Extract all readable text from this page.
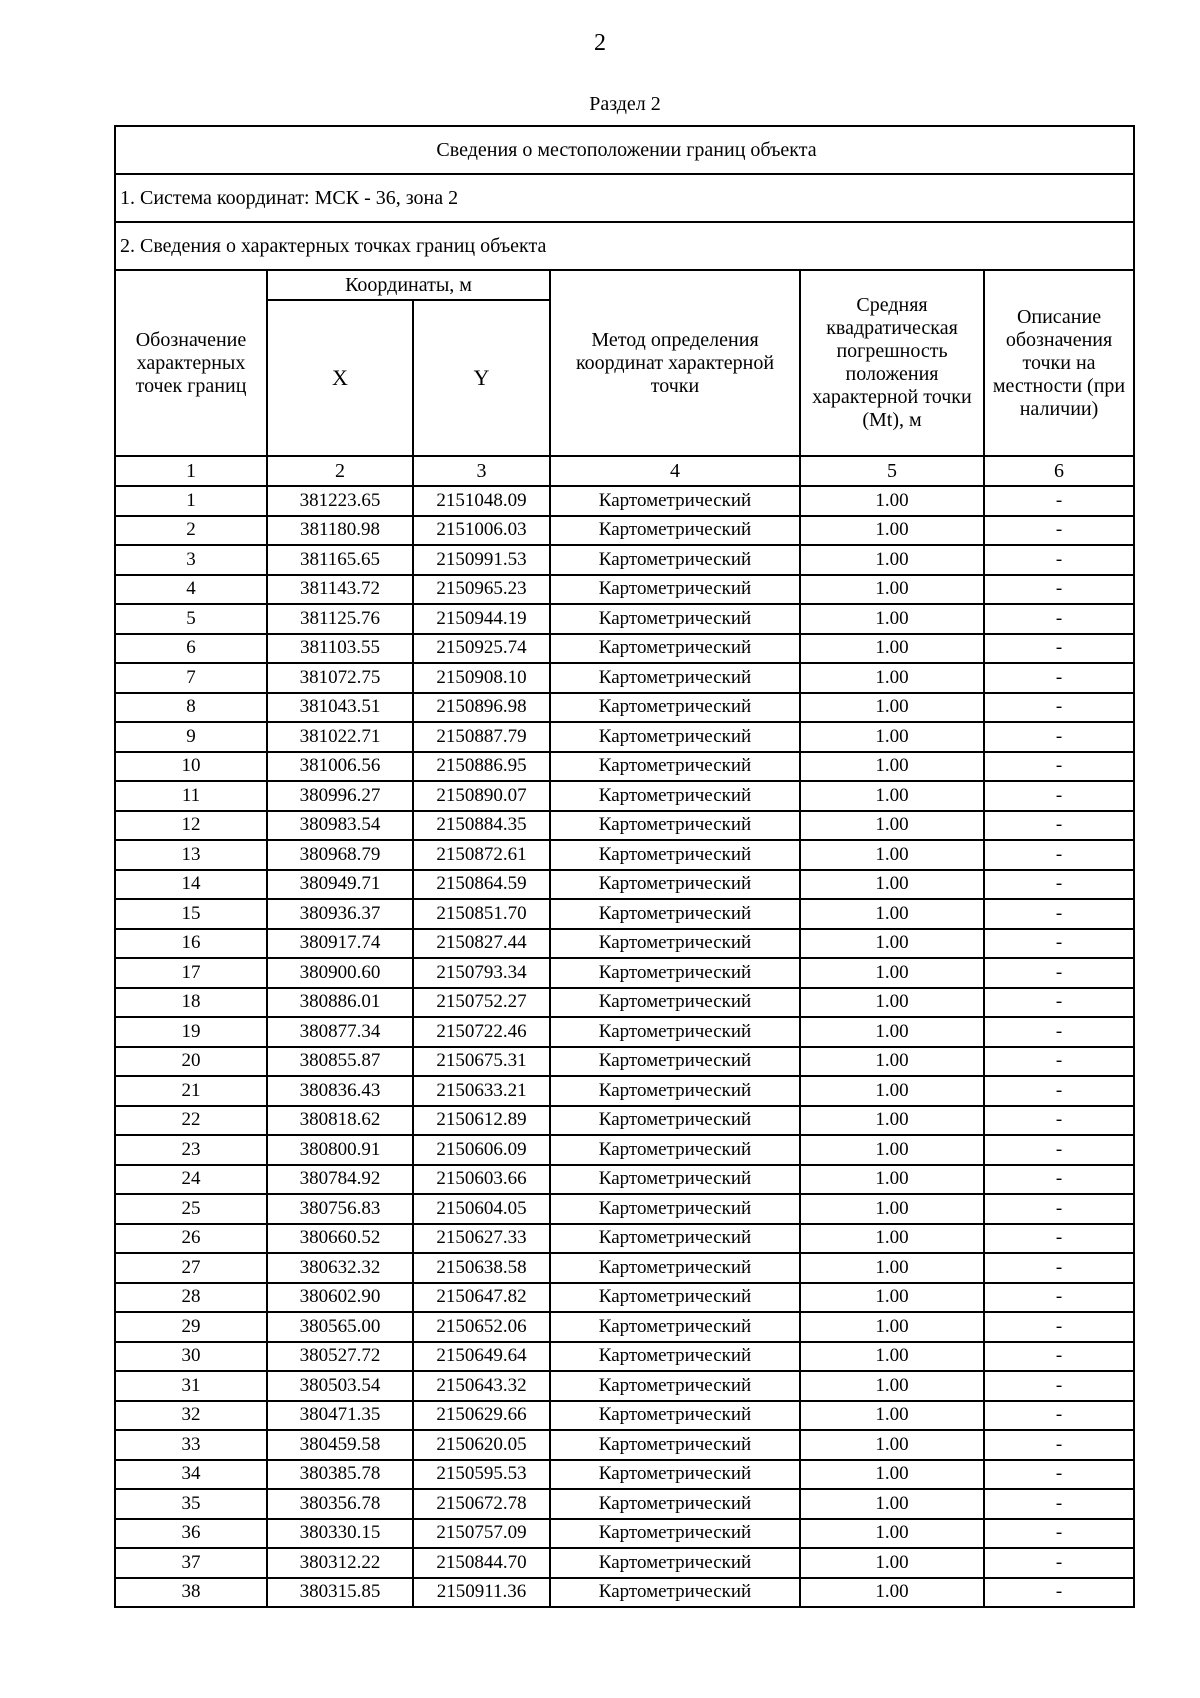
2
Раздел 2
Сведения о местоположении границ объекта					
1. Система координат: МСК - 36, зона 2					
2. Сведения о характерных точках границ объекта					
Обозначение характерных точек границ	Координаты, м		Метод определения координат характерной точки	Средняя квадратическая погрешность положения характерной точки (Mt), м	Описание обозначения точки на местности (при наличии)
	X	Y			
1	2	3	4	5	6
1	381223.65	2151048.09	Картометрический	1.00	-
2	381180.98	2151006.03	Картометрический	1.00	-
3	381165.65	2150991.53	Картометрический	1.00	-
4	381143.72	2150965.23	Картометрический	1.00	-
5	381125.76	2150944.19	Картометрический	1.00	-
6	381103.55	2150925.74	Картометрический	1.00	-
7	381072.75	2150908.10	Картометрический	1.00	-
8	381043.51	2150896.98	Картометрический	1.00	-
9	381022.71	2150887.79	Картометрический	1.00	-
10	381006.56	2150886.95	Картометрический	1.00	-
11	380996.27	2150890.07	Картометрический	1.00	-
12	380983.54	2150884.35	Картометрический	1.00	-
13	380968.79	2150872.61	Картометрический	1.00	-
14	380949.71	2150864.59	Картометрический	1.00	-
15	380936.37	2150851.70	Картометрический	1.00	-
16	380917.74	2150827.44	Картометрический	1.00	-
17	380900.60	2150793.34	Картометрический	1.00	-
18	380886.01	2150752.27	Картометрический	1.00	-
19	380877.34	2150722.46	Картометрический	1.00	-
20	380855.87	2150675.31	Картометрический	1.00	-
21	380836.43	2150633.21	Картометрический	1.00	-
22	380818.62	2150612.89	Картометрический	1.00	-
23	380800.91	2150606.09	Картометрический	1.00	-
24	380784.92	2150603.66	Картометрический	1.00	-
25	380756.83	2150604.05	Картометрический	1.00	-
26	380660.52	2150627.33	Картометрический	1.00	-
27	380632.32	2150638.58	Картометрический	1.00	-
28	380602.90	2150647.82	Картометрический	1.00	-
29	380565.00	2150652.06	Картометрический	1.00	-
30	380527.72	2150649.64	Картометрический	1.00	-
31	380503.54	2150643.32	Картометрический	1.00	-
32	380471.35	2150629.66	Картометрический	1.00	-
33	380459.58	2150620.05	Картометрический	1.00	-
34	380385.78	2150595.53	Картометрический	1.00	-
35	380356.78	2150672.78	Картометрический	1.00	-
36	380330.15	2150757.09	Картометрический	1.00	-
37	380312.22	2150844.70	Картометрический	1.00	-
38	380315.85	2150911.36	Картометрический	1.00	-
